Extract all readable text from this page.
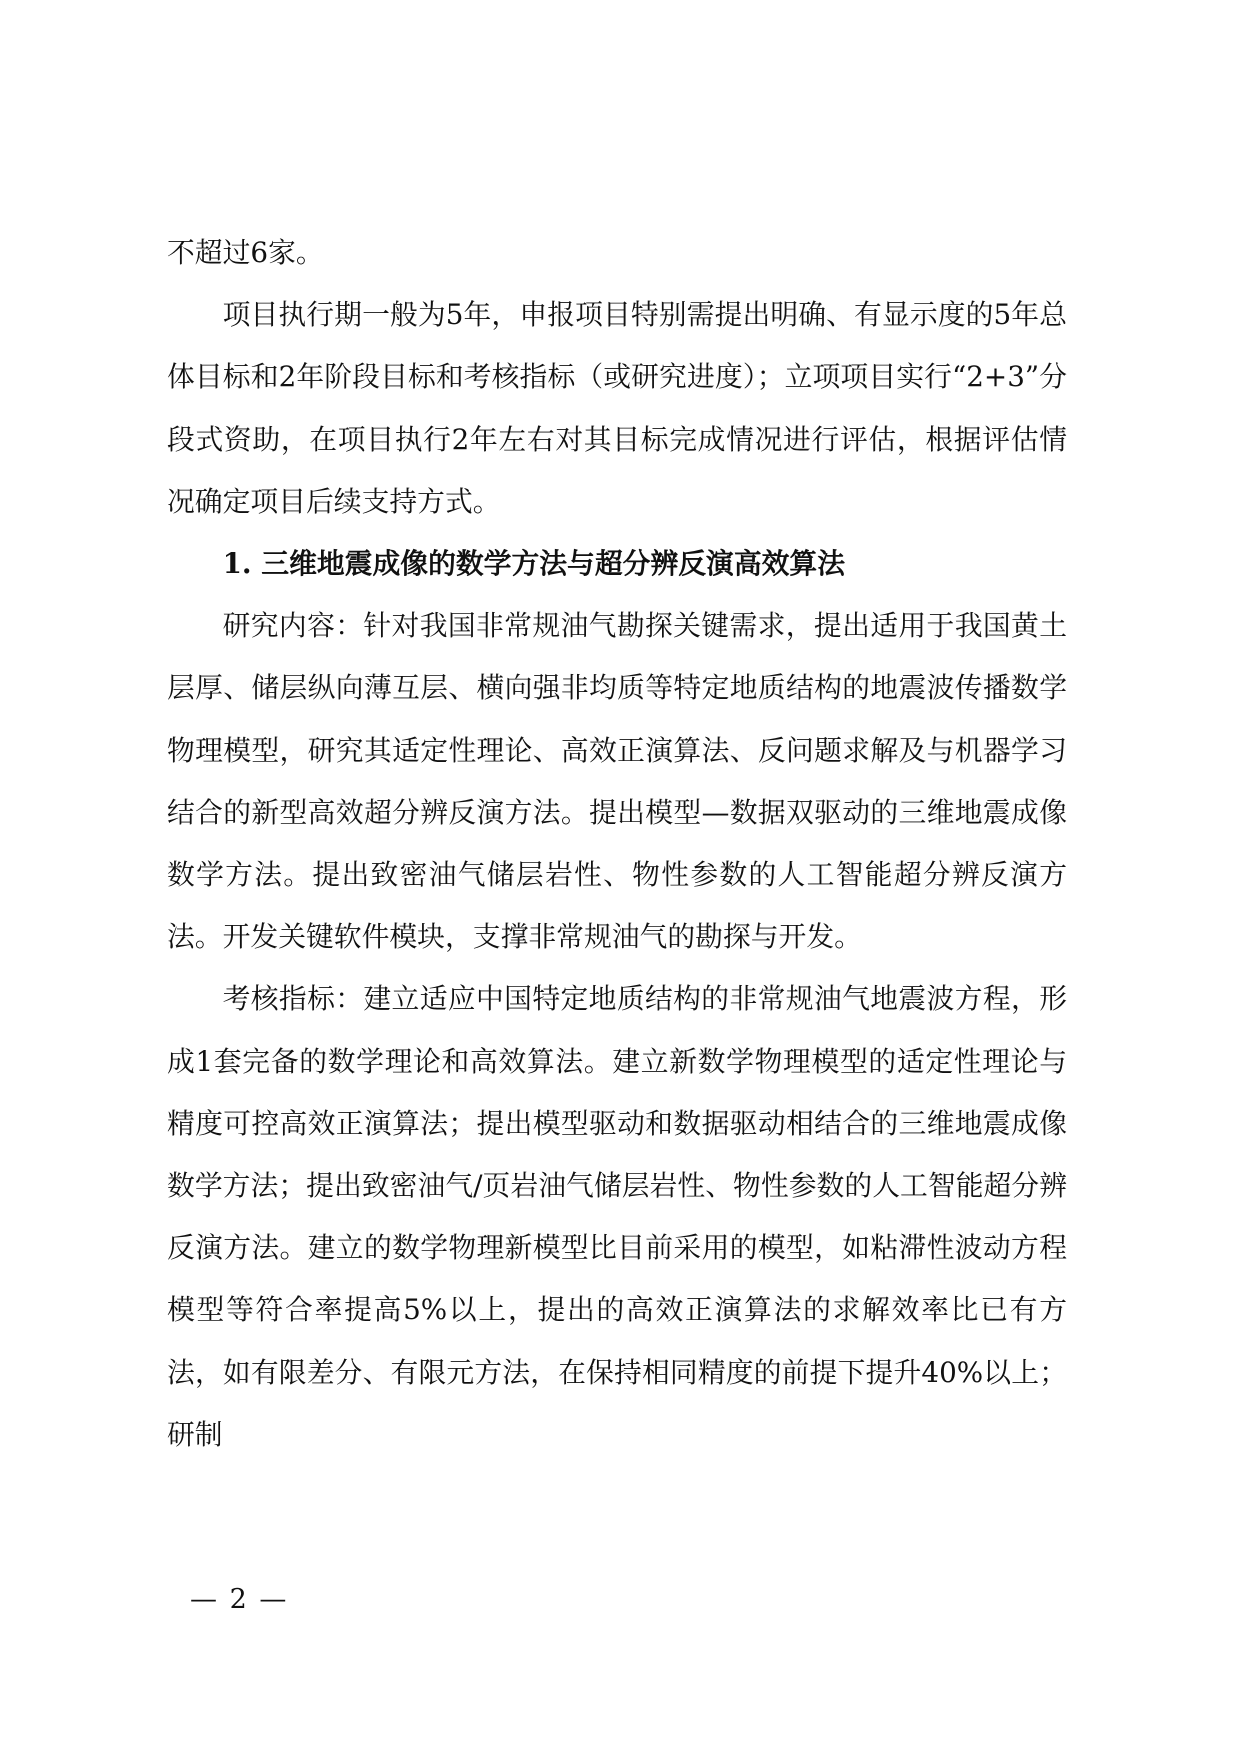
不超过6家。

项目执行期一般为5年，申报项目特别需提出明确、有显示度的5年总体目标和2年阶段目标和考核指标（或研究进度）；立项项目实行“2+3”分段式资助，在项目执行2年左右对其目标完成情况进行评估，根据评估情况确定项目后续支持方式。

1. 三维地震成像的数学方法与超分辨反演高效算法

研究内容：针对我国非常规油气勘探关键需求，提出适用于我国黄土层厚、储层纵向薄互层、横向强非均质等特定地质结构的地震波传播数学物理模型，研究其适定性理论、高效正演算法、反问题求解及与机器学习结合的新型高效超分辨反演方法。提出模型—数据双驱动的三维地震成像数学方法。提出致密油气储层岩性、物性参数的人工智能超分辨反演方法。开发关键软件模块，支撑非常规油气的勘探与开发。

考核指标：建立适应中国特定地质结构的非常规油气地震波方程，形成1套完备的数学理论和高效算法。建立新数学物理模型的适定性理论与精度可控高效正演算法；提出模型驱动和数据驱动相结合的三维地震成像数学方法；提出致密油气/页岩油气储层岩性、物性参数的人工智能超分辨反演方法。建立的数学物理新模型比目前采用的模型，如粘滞性波动方程模型等符合率提高5%以上，提出的高效正演算法的求解效率比已有方法，如有限差分、有限元方法，在保持相同精度的前提下提升40%以上；研制

— 2 —
